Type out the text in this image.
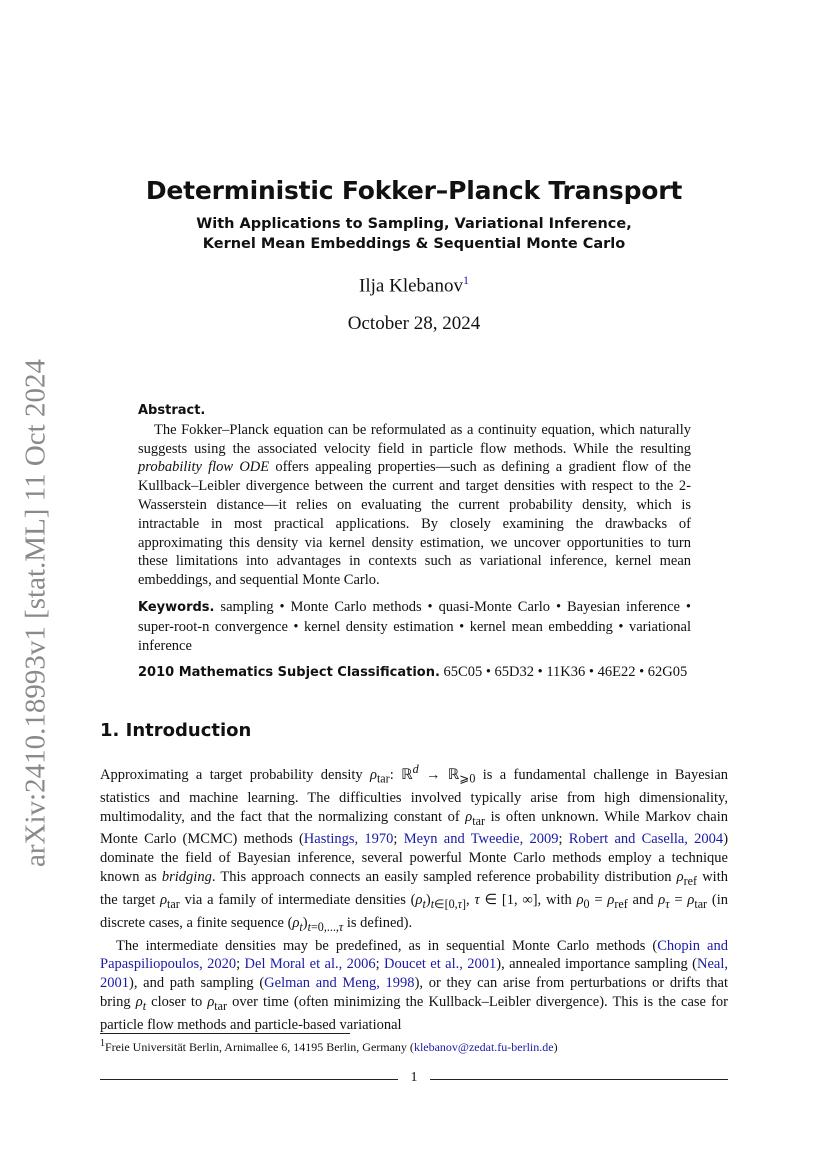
arXiv:2410.18993v1 [stat.ML] 11 Oct 2024
Deterministic Fokker–Planck Transport
With Applications to Sampling, Variational Inference,
Kernel Mean Embeddings & Sequential Monte Carlo
Ilja Klebanov$^1$
October 28, 2024
Abstract.

The Fokker–Planck equation can be reformulated as a continuity equation, which naturally suggests using the associated velocity field in particle flow methods. While the resulting probability flow ODE offers appealing properties—such as defining a gradient flow of the Kullback–Leibler divergence between the current and target densities with respect to the 2-Wasserstein distance—it relies on evaluating the current probability density, which is intractable in most practical applications. By closely examining the drawbacks of approximating this density via kernel density estimation, we uncover opportunities to turn these limitations into advantages in contexts such as variational inference, kernel mean embeddings, and sequential Monte Carlo.

Keywords. sampling • Monte Carlo methods • quasi-Monte Carlo • Bayesian inference • super-root-n convergence • kernel density estimation • kernel mean embedding • variational inference

2010 Mathematics Subject Classification. 65C05 • 65D32 • 11K36 • 46E22 • 62G05

1. Introduction

Approximating a target probability density $\rho_{tar}$: ℝ$^d$ → ℝ$_{⩾0}$ is a fundamental challenge in Bayesian statistics and machine learning. The difficulties involved typically arise from high dimensionality, multimodality, and the fact that the normalizing constant of $\rho_{tar}$ is often unknown. While Markov chain Monte Carlo (MCMC) methods (Hastings, 1970; Meyn and Tweedie, 2009; Robert and Casella, 2004) dominate the field of Bayesian inference, several powerful Monte Carlo methods employ a technique known as bridging. This approach connects an easily sampled reference probability distribution $\rho_{ref}$ with the target $\rho_{tar}$ via a family of intermediate densities $(\rho_t)_{t\in[0,\tau]}$, τ ∈ [1, ∞], with $\rho_0 = \rho_{ref}$ and $\rho_\tau = \rho_{tar}$ (in discrete cases, a finite sequence $(\rho_t)_{t=0,...,\tau}$ is defined).

The intermediate densities may be predefined, as in sequential Monte Carlo methods (Chopin and Papaspiliopoulos, 2020; Del Moral et al., 2006; Doucet et al., 2001), annealed importance sampling (Neal, 2001), and path sampling (Gelman and Meng, 1998), or they can arise from perturbations or drifts that bring $\rho_t$ closer to $\rho_{tar}$ over time (often minimizing the Kullback–Leibler divergence). This is the case for particle flow methods and particle-based variational

$^1$Freie Universität Berlin, Arnimallee 6, 14195 Berlin, Germany (klebanov@zedat.fu-berlin.de)
1
